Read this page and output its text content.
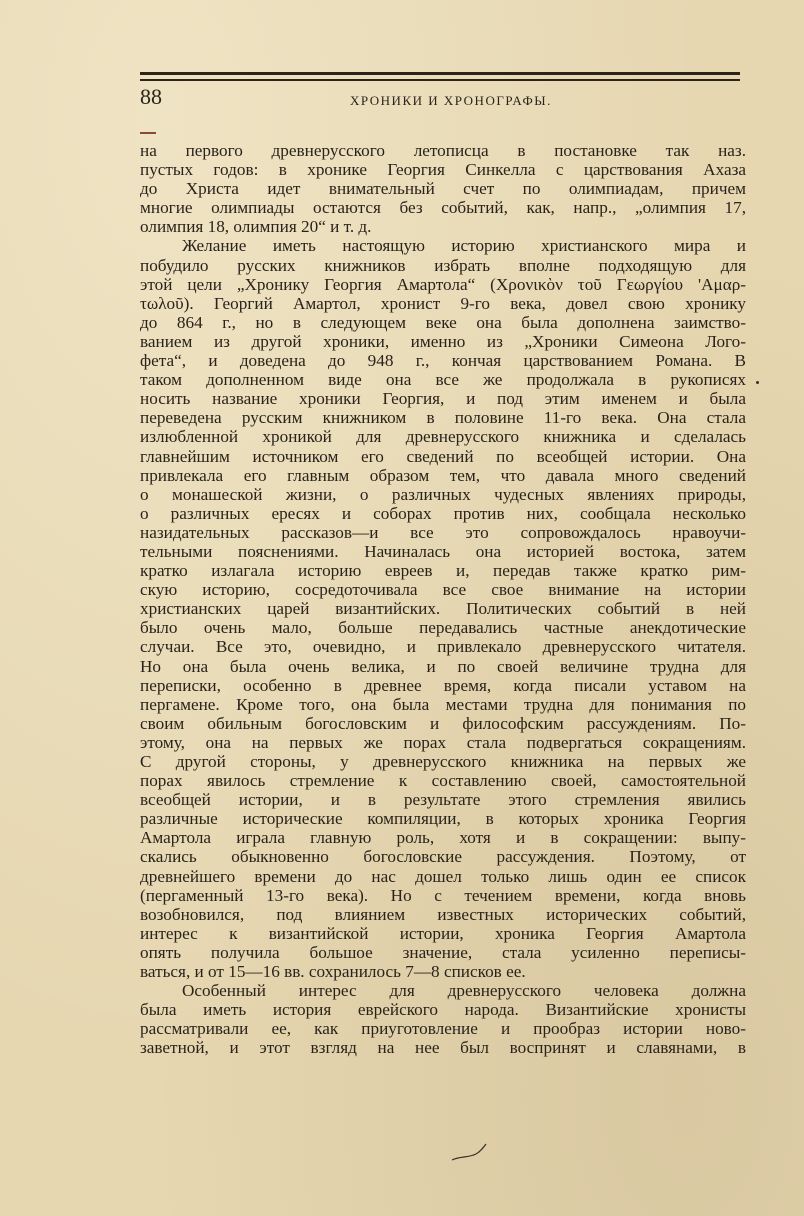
88	ХРОНИКИ И ХРОНОГРАФЫ.
на первого древнерусского летописца в постановке так наз.
пустых годов: в хронике Георгия Синкелла с царствования Ахаза
до Христа идет внимательный счет по олимпиадам, причем
многие олимпиады остаются без событий, как, напр., „олимпия 17,
олимпия 18, олимпия 20“ и т. д.
Желание иметь настоящую историю христианского мира и
побудило русских книжников избрать вполне подходящую для
этой цели „Хронику Георгия Амартола“ (Χρονικὸν τοῦ Γεωργίου 'Αμαρ-
τωλοῦ). Георгий Амартол, хронист 9-го века, довел свою хронику
до 864 г., но в следующем веке она была дополнена заимство-
ванием из другой хроники, именно из „Хроники Симеона Лого-
фета“, и доведена до 948 г., кончая царствованием Романа. В
таком дополненном виде она все же продолжала в рукописях
носить название хроники Георгия, и под этим именем и была
переведена русским книжником в половине 11-го века. Она стала
излюбленной хроникой для древнерусского книжника и сделалась
главнейшим источником его сведений по всеобщей истории. Она
привлекала его главным образом тем, что давала много сведений
о монашеской жизни, о различных чудесных явлениях природы,
о различных ересях и соборах против них, сообщала несколько
назидательных рассказов—и все это сопровождалось нравоучи-
тельными пояснениями. Начиналась она историей востока, затем
кратко излагала историю евреев и, передав также кратко рим-
скую историю, сосредоточивала все свое внимание на истории
христианских царей византийских. Политических событий в ней
было очень мало, больше передавались частные анекдотические
случаи. Все это, очевидно, и привлекало древнерусского читателя.
Но она была очень велика, и по своей величине трудна для
переписки, особенно в древнее время, когда писали уставом на
пергамене. Кроме того, она была местами трудна для понимания по
своим обильным богословским и философским рассуждениям. По-
этому, она на первых же порах стала подвергаться сокращениям.
С другой стороны, у древнерусского книжника на первых же
порах явилось стремление к составлению своей, самостоятельной
всеобщей истории, и в результате этого стремления явились
различные исторические компиляции, в которых хроника Георгия
Амартола играла главную роль, хотя и в сокращении: выпу-
скались обыкновенно богословские рассуждения. Поэтому, от
древнейшего времени до нас дошел только лишь один ее список
(пергаменный 13-го века). Но с течением времени, когда вновь
возобновился, под влиянием известных исторических событий,
интерес к византийской истории, хроника Георгия Амартола
опять получила большое значение, стала усиленно переписы-
ваться, и от 15—16 вв. сохранилось 7—8 списков ее.
Особенный интерес для древнерусского человека должна
была иметь история еврейского народа. Византийские хронисты
рассматривали ее, как приуготовление и прообраз истории ново-
заветной, и этот взгляд на нее был воспринят и славянами, в
